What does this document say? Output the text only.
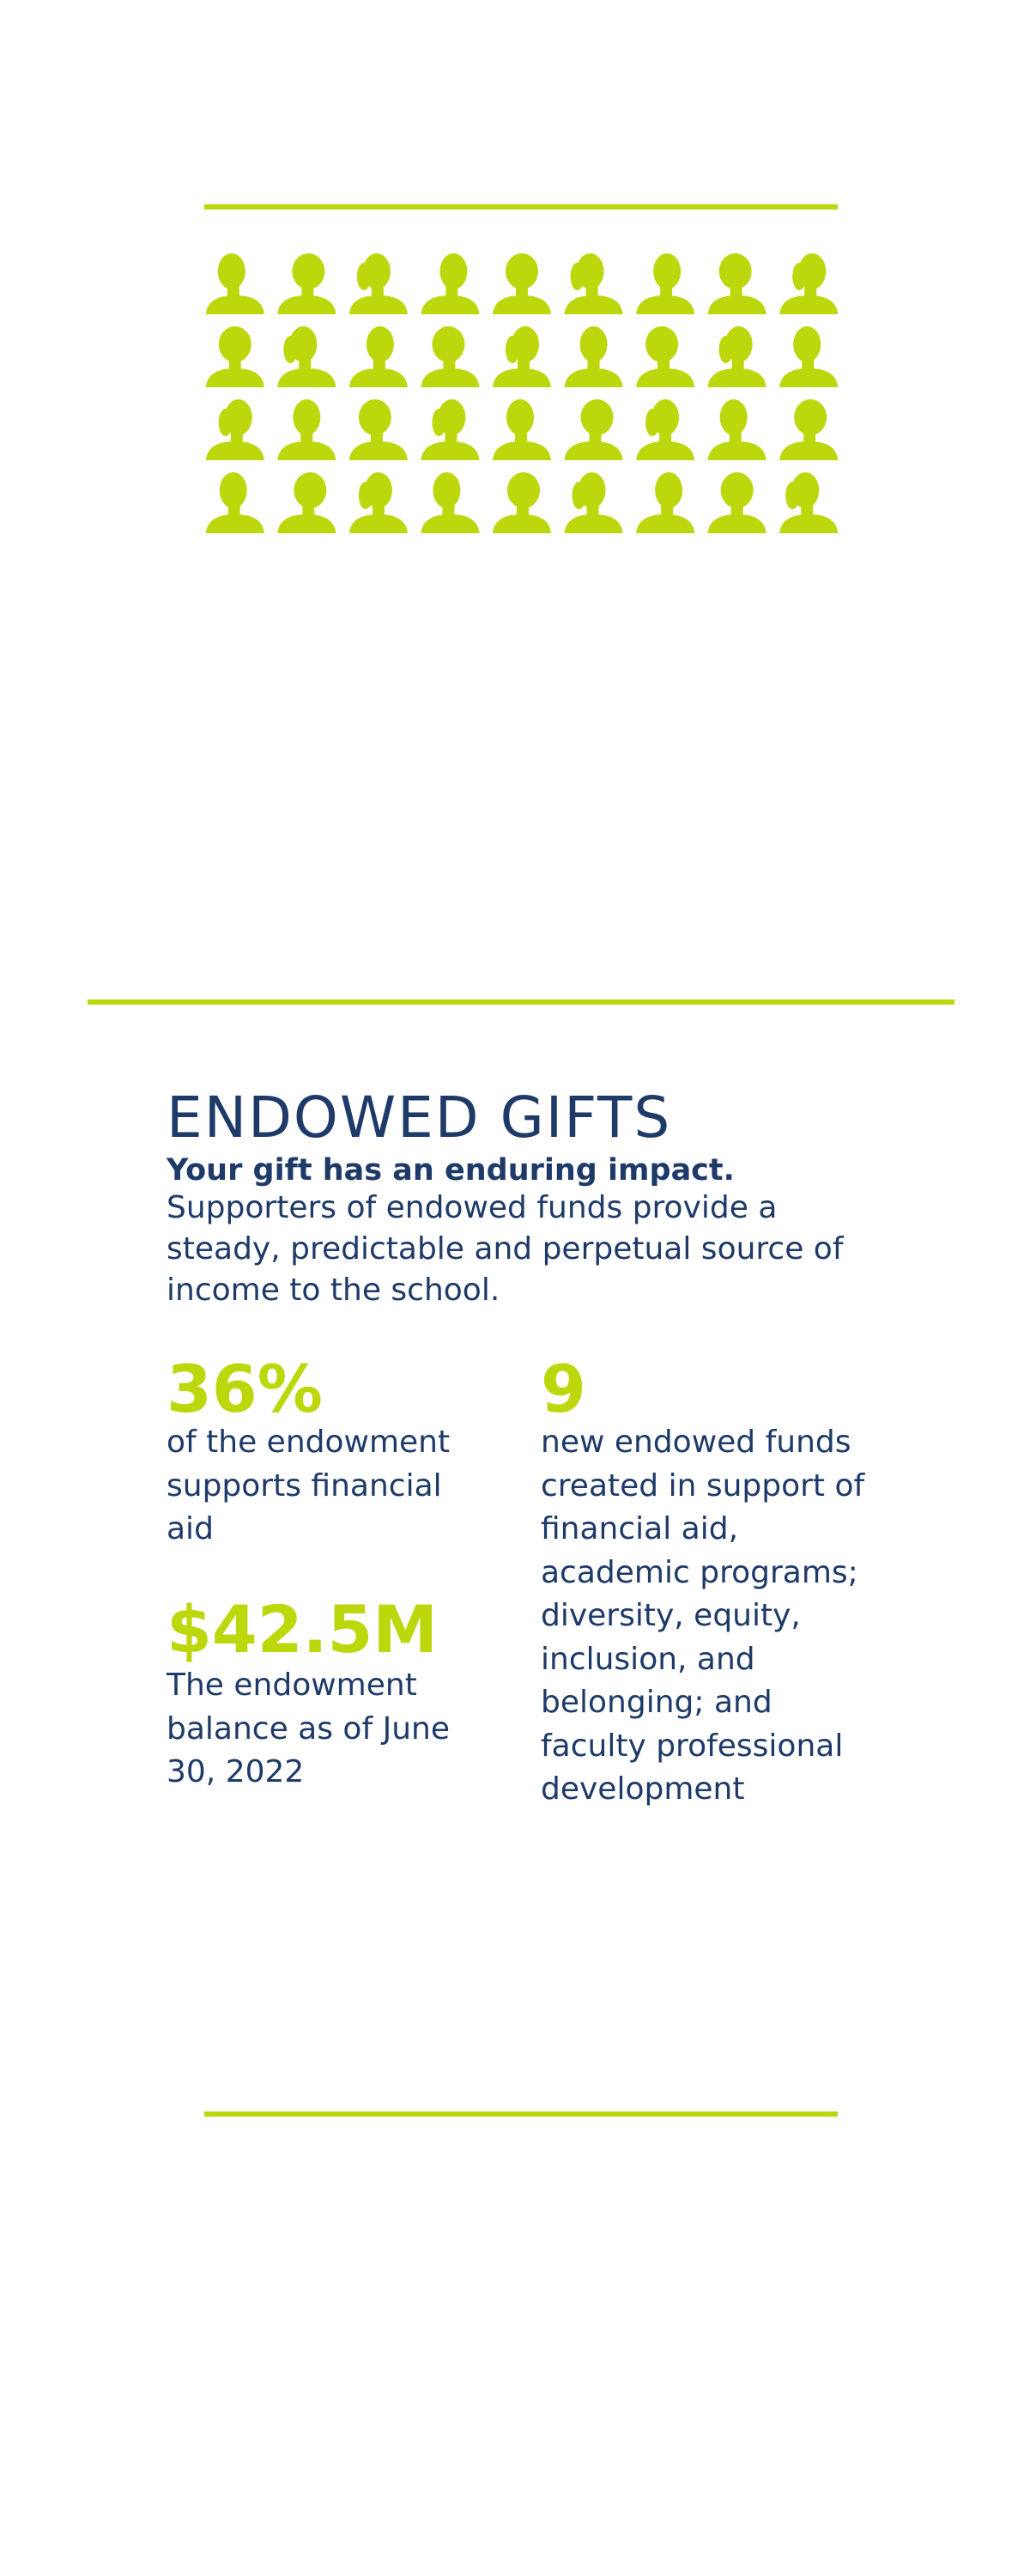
ENDOWED GIFTS

Your gift has an enduring impact.

Supporters of endowed funds provide a steady, predictable and perpetual source of income to the school.

36%

of the endowment supports financial aid

$42.5M

The endowment balance as of June 30, 2022

9

new endowed funds created in support of financial aid, academic programs; diversity, equity, inclusion, and belonging; and faculty professional development
